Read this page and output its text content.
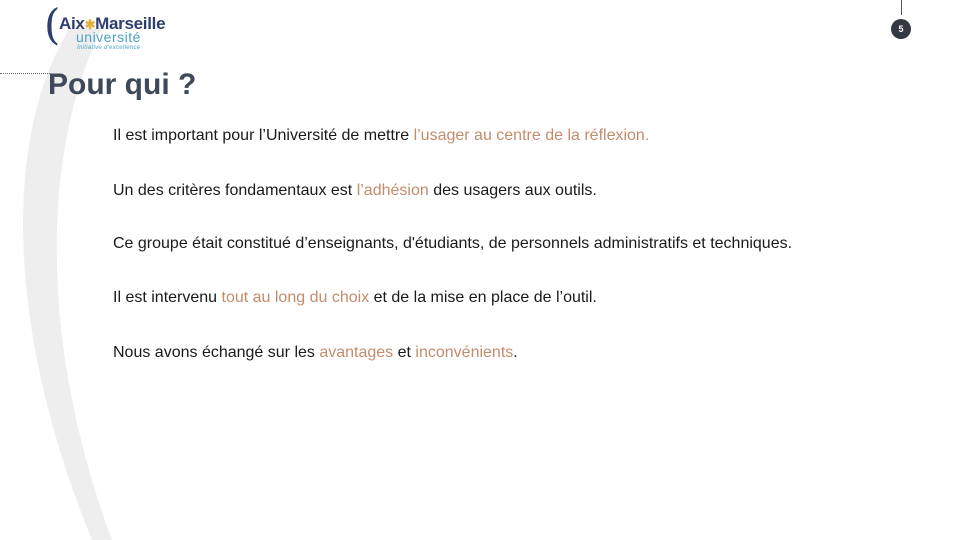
(
Aix✱Marseille
université
Initiative d'excellence
5
Pour qui ?

Il est important pour l’Université de mettre l’usager au centre de la réflexion.

Un des critères fondamentaux est l’adhésion des usagers aux outils.

Ce groupe était constitué d’enseignants, d'étudiants, de personnels administratifs et techniques.

Il est intervenu tout au long du choix et de la mise en place de l’outil.

Nous avons échangé sur les avantages et inconvénients.
